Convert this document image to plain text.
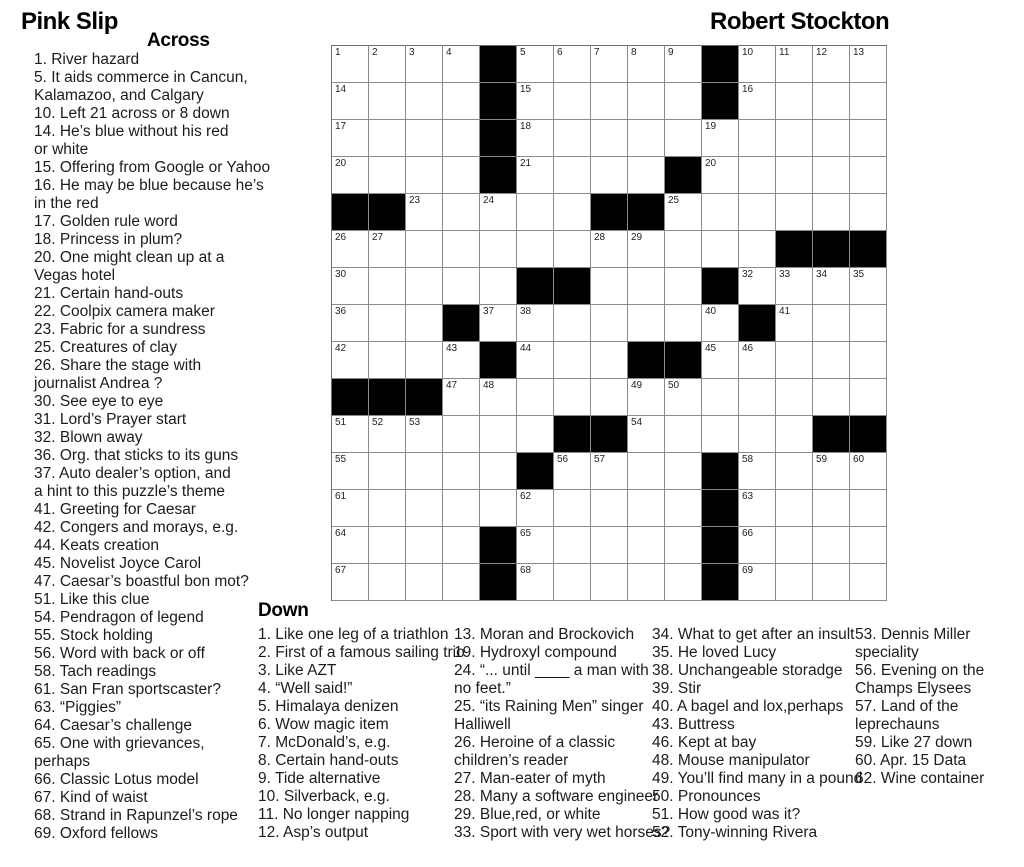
Pink Slip	Robert Stockton
Across
1. River hazard
5. It aids commerce in Cancun,
Kalamazoo, and Calgary
10. Left 21 across or 8 down
14. He’s blue without his red
or white
15. Offering from Google or Yahoo
16. He may be blue because he’s
in the red
17. Golden rule word
18. Princess in plum?
20. One might clean up at a
Vegas hotel
21. Certain hand-outs
22. Coolpix camera maker
23. Fabric for a sundress
25. Creatures of clay
26. Share the stage with
journalist Andrea ?
30. See eye to eye
31. Lord’s Prayer start
32. Blown away
36. Org. that sticks to its guns
37. Auto dealer’s option, and
a hint to this puzzle’s theme
41. Greeting for Caesar
42. Congers and morays, e.g.
44. Keats creation
45. Novelist Joyce Carol
47. Caesar’s boastful bon mot?
51. Like this clue
54. Pendragon of legend
55. Stock holding
56. Word with back or off
58. Tach readings
61. San Fran sportscaster?
63. “Piggies”
64. Caesar’s challenge
65. One with grievances,
perhaps
66. Classic Lotus model
67. Kind of waist
68. Strand in Rapunzel’s rope
69. Oxford fellows
1	2	3	4	5	6	7	8	9	10	11	12	13
14	15	16
17	18	19
20	21	20
23	24	25
26	27	28	29
30	32	33	34	35
36	37	38	40	41
42	43	44	45	46
47	48	49	50
51	52	53	54
55	56	57	58	59	60
61	62	63
64	65	66
67	68	69
Down
1. Like one leg of a triathlon
2. First of a famous sailing trio
3. Like AZT
4. “Well said!”
5. Himalaya denizen
6. Wow magic item
7. McDonald’s, e.g.
8. Certain hand-outs
9. Tide alternative
10. Silverback, e.g.
11. No longer napping
12. Asp’s output
13. Moran and Brockovich
19. Hydroxyl compound
24. “... until ____ a man with
no feet.”
25. “its Raining Men” singer
Halliwell
26. Heroine of a classic
children’s reader
27. Man-eater of myth
28. Many a software engineer
29. Blue,red, or white
33. Sport with very wet horses?
34. What to get after an insult
35. He loved Lucy
38. Unchangeable storadge
39. Stir
40. A bagel and lox,perhaps
43. Buttress
46. Kept at bay
48. Mouse manipulator
49. You’ll find many in a pound
50. Pronounces
51. How good was it?
52. Tony-winning Rivera
53. Dennis Miller
speciality
56. Evening on the
Champs Elysees
57. Land of the
leprechauns
59. Like 27 down
60. Apr. 15 Data
62. Wine container
